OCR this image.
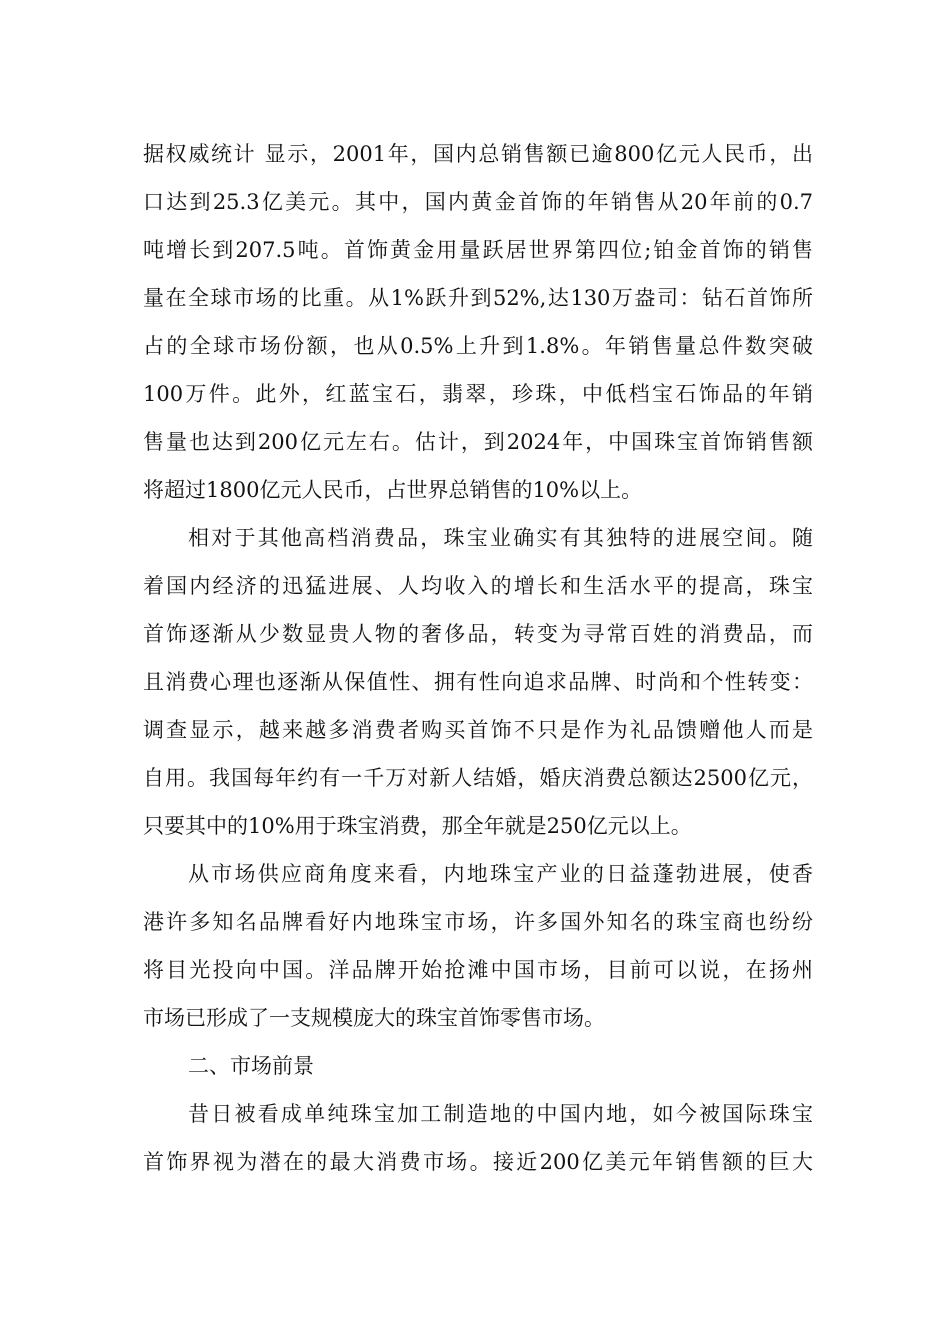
据权威统计 显示，2001年，国内总销售额已逾800亿元人民币，出
口达到25.3亿美元。其中，国内黄金首饰的年销售从20年前的0.7
吨增长到207.5吨。首饰黄金用量跃居世界第四位;铂金首饰的销售
量在全球市场的比重。从1%跃升到52%,达130万盎司：钻石首饰所
占的全球市场份额，也从0.5%上升到1.8%。年销售量总件数突破
100万件。此外，红蓝宝石，翡翠，珍珠，中低档宝石饰品的年销
售量也达到200亿元左右。估计，到2024年，中国珠宝首饰销售额
将超过1800亿元人民币，占世界总销售的10%以上。
相对于其他高档消费品，珠宝业确实有其独特的进展空间。随
着国内经济的迅猛进展、人均收入的增长和生活水平的提高，珠宝
首饰逐渐从少数显贵人物的奢侈品，转变为寻常百姓的消费品，而
且消费心理也逐渐从保值性、拥有性向追求品牌、时尚和个性转变：
调查显示，越来越多消费者购买首饰不只是作为礼品馈赠他人而是
自用。我国每年约有一千万对新人结婚，婚庆消费总额达2500亿元，
只要其中的10%用于珠宝消费，那全年就是250亿元以上。
从市场供应商角度来看，内地珠宝产业的日益蓬勃进展，使香
港许多知名品牌看好内地珠宝市场，许多国外知名的珠宝商也纷纷
将目光投向中国。洋品牌开始抢滩中国市场，目前可以说，在扬州
市场已形成了一支规模庞大的珠宝首饰零售市场。
二、市场前景
昔日被看成单纯珠宝加工制造地的中国内地，如今被国际珠宝
首饰界视为潜在的最大消费市场。接近200亿美元年销售额的巨大
